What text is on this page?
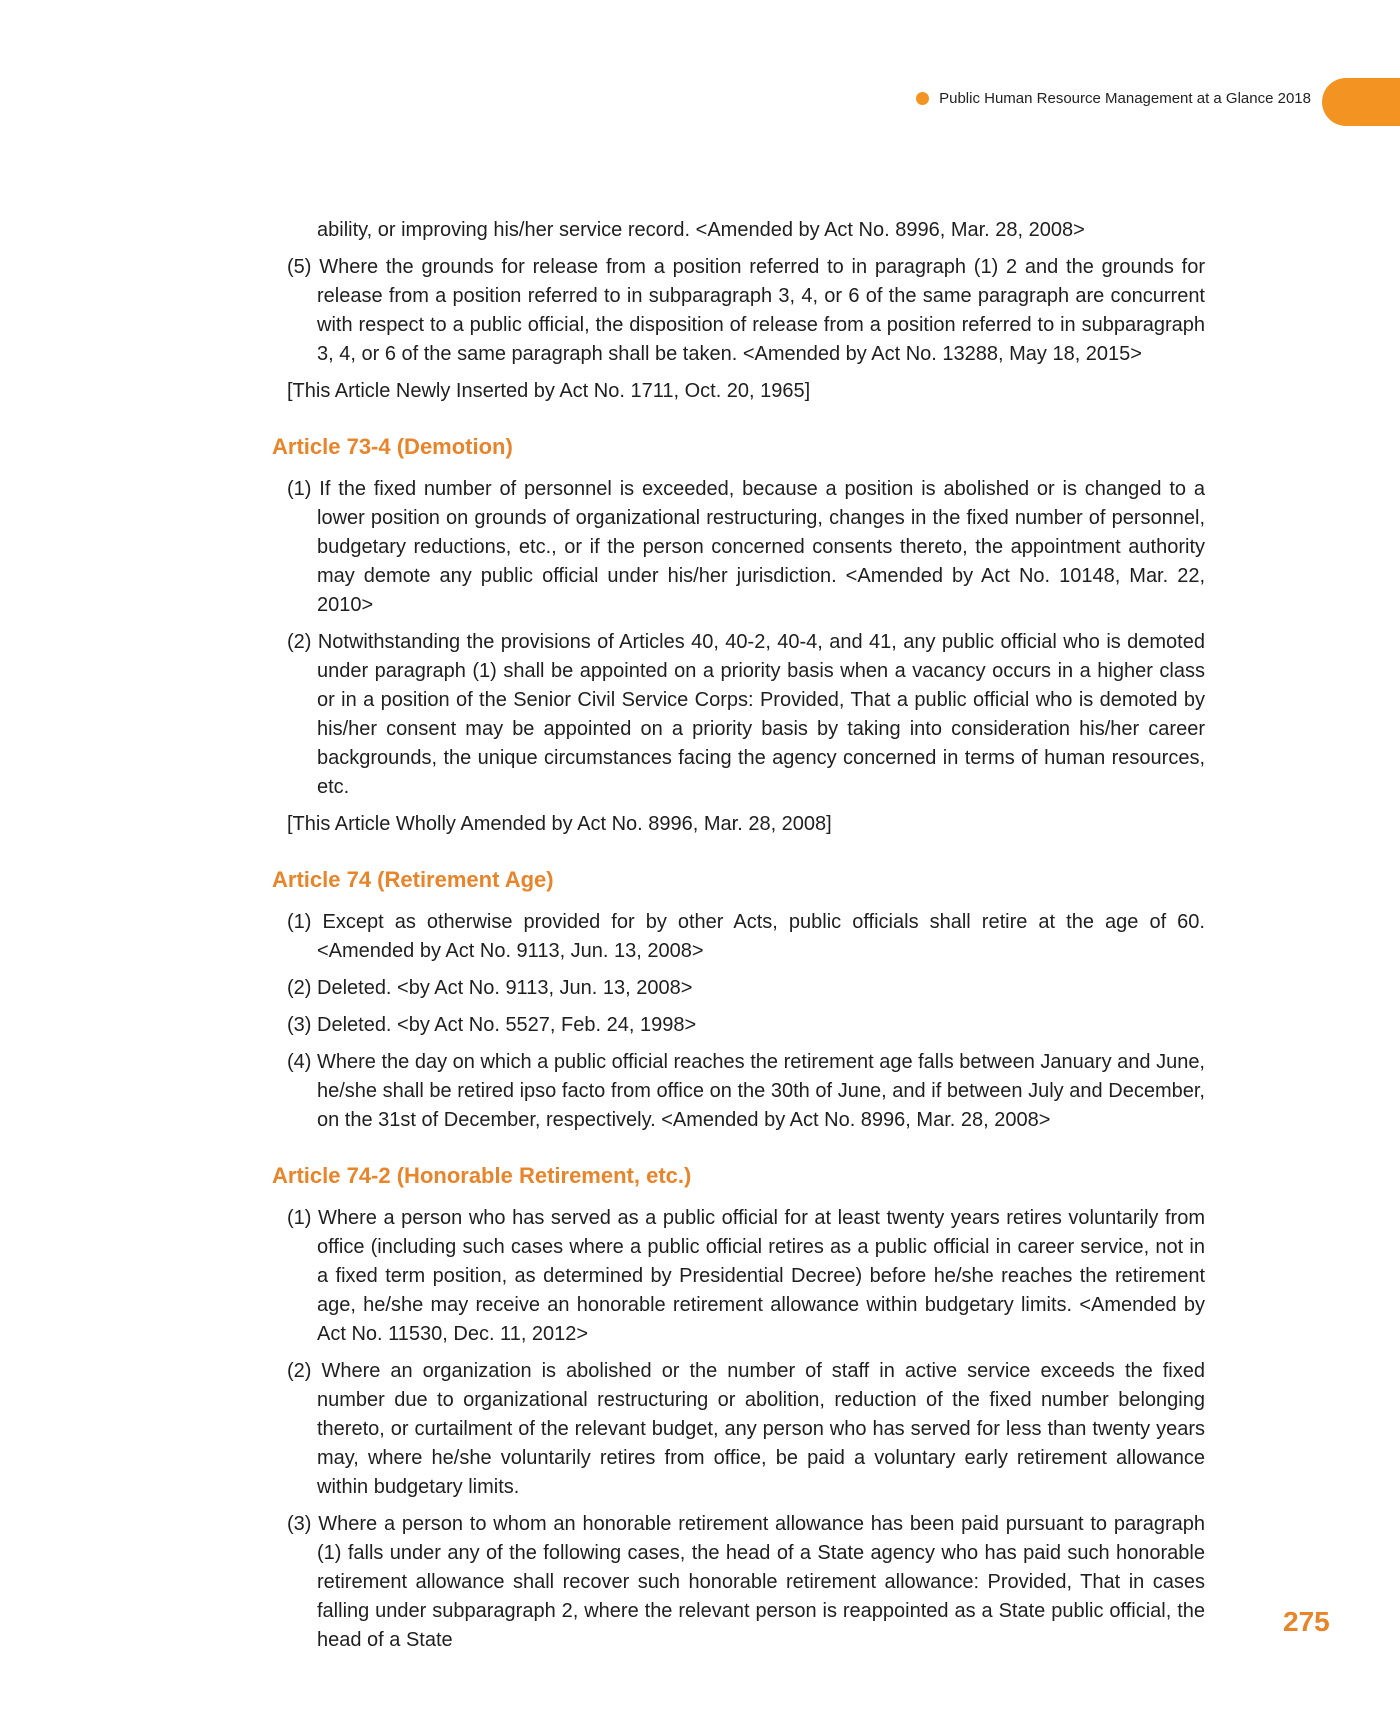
Public Human Resource Management at a Glance 2018

ability, or improving his/her service record. <Amended by Act No. 8996, Mar. 28, 2008>

(5) Where the grounds for release from a position referred to in paragraph (1) 2 and the grounds for release from a position referred to in subparagraph 3, 4, or 6 of the same paragraph are concurrent with respect to a public official, the disposition of release from a position referred to in subparagraph 3, 4, or 6 of the same paragraph shall be taken. <Amended by Act No. 13288, May 18, 2015>

[This Article Newly Inserted by Act No. 1711, Oct. 20, 1965]

Article 73-4 (Demotion)

(1) If the fixed number of personnel is exceeded, because a position is abolished or is changed to a lower position on grounds of organizational restructuring, changes in the fixed number of personnel, budgetary reductions, etc., or if the person concerned consents thereto, the appointment authority may demote any public official under his/her jurisdiction. <Amended by Act No. 10148, Mar. 22, 2010>

(2) Notwithstanding the provisions of Articles 40, 40-2, 40-4, and 41, any public official who is demoted under paragraph (1) shall be appointed on a priority basis when a vacancy occurs in a higher class or in a position of the Senior Civil Service Corps: Provided, That a public official who is demoted by his/her consent may be appointed on a priority basis by taking into consideration his/her career backgrounds, the unique circumstances facing the agency concerned in terms of human resources, etc.

[This Article Wholly Amended by Act No. 8996, Mar. 28, 2008]

Article 74 (Retirement Age)

(1) Except as otherwise provided for by other Acts, public officials shall retire at the age of 60. <Amended by Act No. 9113, Jun. 13, 2008>

(2) Deleted. <by Act No. 9113, Jun. 13, 2008>

(3) Deleted. <by Act No. 5527, Feb. 24, 1998>

(4) Where the day on which a public official reaches the retirement age falls between January and June, he/she shall be retired ipso facto from office on the 30th of June, and if between July and December, on the 31st of December, respectively. <Amended by Act No. 8996, Mar. 28, 2008>

Article 74-2 (Honorable Retirement, etc.)

(1) Where a person who has served as a public official for at least twenty years retires voluntarily from office (including such cases where a public official retires as a public official in career service, not in a fixed term position, as determined by Presidential Decree) before he/she reaches the retirement age, he/she may receive an honorable retirement allowance within budgetary limits. <Amended by Act No. 11530, Dec. 11, 2012>

(2) Where an organization is abolished or the number of staff in active service exceeds the fixed number due to organizational restructuring or abolition, reduction of the fixed number belonging thereto, or curtailment of the relevant budget, any person who has served for less than twenty years may, where he/she voluntarily retires from office, be paid a voluntary early retirement allowance within budgetary limits.

(3) Where a person to whom an honorable retirement allowance has been paid pursuant to paragraph (1) falls under any of the following cases, the head of a State agency who has paid such honorable retirement allowance shall recover such honorable retirement allowance: Provided, That in cases falling under subparagraph 2, where the relevant person is reappointed as a State public official, the head of a State

275
